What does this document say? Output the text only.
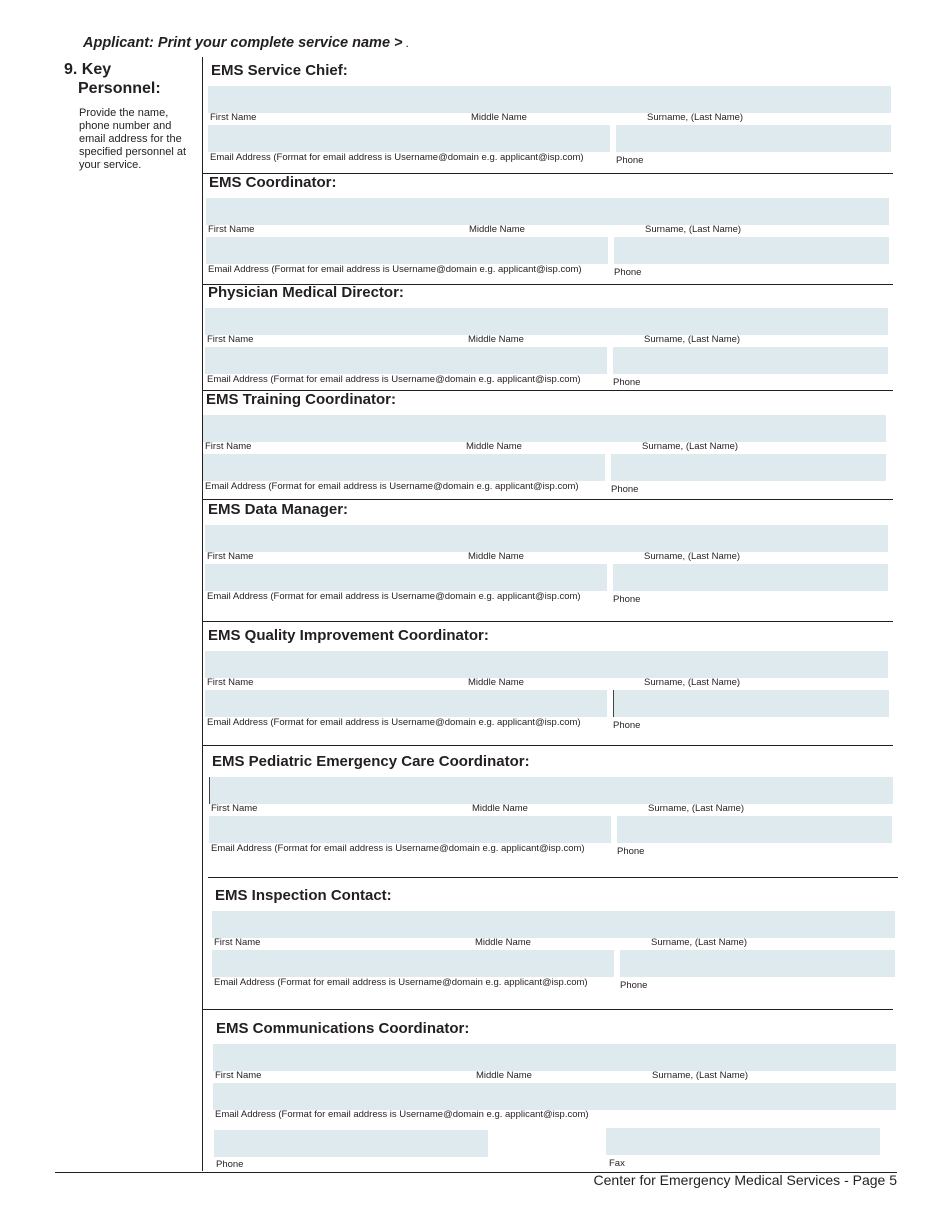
Applicant: Print your complete service name > .
9. Key
Personnel:
Provide the name, phone number and email address for the specified personnel at your service.
EMS Service Chief:
First Name	Middle Name	Surname, (Last Name)
Email Address (Format for email address is Username@domain e.g. applicant@isp.com)	Phone
EMS Coordinator:
First Name	Middle Name	Surname, (Last Name)
Email Address (Format for email address is Username@domain e.g. applicant@isp.com)	Phone
Physician Medical Director:
First Name	Middle Name	Surname, (Last Name)
Email Address (Format for email address is Username@domain e.g. applicant@isp.com)	Phone
EMS Training Coordinator:
First Name	Middle Name	Surname, (Last Name)
Email Address (Format for email address is Username@domain e.g. applicant@isp.com)	Phone
EMS Data Manager:
First Name	Middle Name	Surname, (Last Name)
Email Address (Format for email address is Username@domain e.g. applicant@isp.com)	Phone
EMS Quality Improvement Coordinator:
First Name	Middle Name	Surname, (Last Name)
Email Address (Format for email address is Username@domain e.g. applicant@isp.com)	Phone
EMS Pediatric Emergency Care Coordinator:
First Name	Middle Name	Surname, (Last Name)
Email Address (Format for email address is Username@domain e.g. applicant@isp.com)	Phone
EMS Inspection Contact:
First Name	Middle Name	Surname, (Last Name)
Email Address (Format for email address is Username@domain e.g. applicant@isp.com)	Phone
EMS Communications Coordinator:
First Name	Middle Name	Surname, (Last Name)
Email Address (Format for email address is Username@domain e.g. applicant@isp.com)
Phone	Fax
Center for Emergency Medical Services - Page 5
